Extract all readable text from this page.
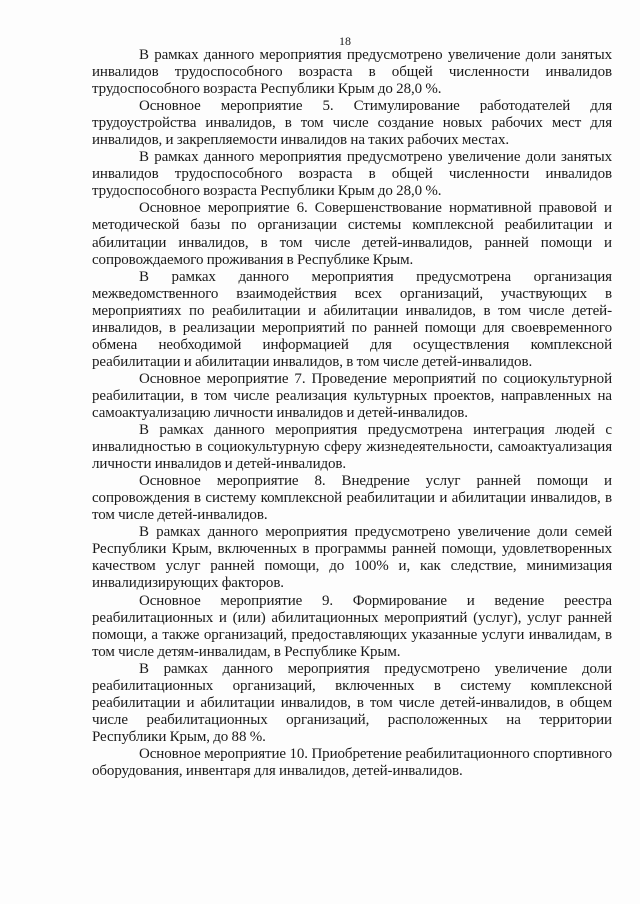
18

В рамках данного мероприятия предусмотрено увеличение доли занятых инвалидов трудоспособного возраста в общей численности инвалидов трудоспособного возраста Республики Крым до 28,0 %.

Основное мероприятие 5. Стимулирование работодателей для трудоустройства инвалидов, в том числе создание новых рабочих мест для инвалидов, и закрепляемости инвалидов на таких рабочих местах.

В рамках данного мероприятия предусмотрено увеличение доли занятых инвалидов трудоспособного возраста в общей численности инвалидов трудоспособного возраста Республики Крым до 28,0 %.

Основное мероприятие 6. Совершенствование нормативной правовой и методической базы по организации системы комплексной реабилитации и абилитации инвалидов, в том числе детей-инвалидов, ранней помощи и сопровождаемого проживания в Республике Крым.

В рамках данного мероприятия предусмотрена организация межведомственного взаимодействия всех организаций, участвующих в мероприятиях по реабилитации и абилитации инвалидов, в том числе детей-инвалидов, в реализации мероприятий по ранней помощи для своевременного обмена необходимой информацией для осуществления комплексной реабилитации и абилитации инвалидов, в том числе детей-инвалидов.

Основное мероприятие 7. Проведение мероприятий по социокультурной реабилитации, в том числе реализация культурных проектов, направленных на самоактуализацию личности инвалидов и детей-инвалидов.

В рамках данного мероприятия предусмотрена интеграция людей с инвалидностью в социокультурную сферу жизнедеятельности, самоактуализация личности инвалидов и детей-инвалидов.

Основное мероприятие 8. Внедрение услуг ранней помощи и сопровождения в систему комплексной реабилитации и абилитации инвалидов, в том числе детей-инвалидов.

В рамках данного мероприятия предусмотрено увеличение доли семей Республики Крым, включенных в программы ранней помощи, удовлетворенных качеством услуг ранней помощи, до 100% и, как следствие, минимизация инвалидизирующих факторов.

Основное мероприятие 9. Формирование и ведение реестра реабилитационных и (или) абилитационных мероприятий (услуг), услуг ранней помощи, а также организаций, предоставляющих указанные услуги инвалидам, в том числе детям-инвалидам, в Республике Крым.

В рамках данного мероприятия предусмотрено увеличение доли реабилитационных организаций, включенных в систему комплексной реабилитации и абилитации инвалидов, в том числе детей-инвалидов, в общем числе реабилитационных организаций, расположенных на территории Республики Крым, до 88 %.

Основное мероприятие 10. Приобретение реабилитационного спортивного оборудования, инвентаря для инвалидов, детей-инвалидов.
